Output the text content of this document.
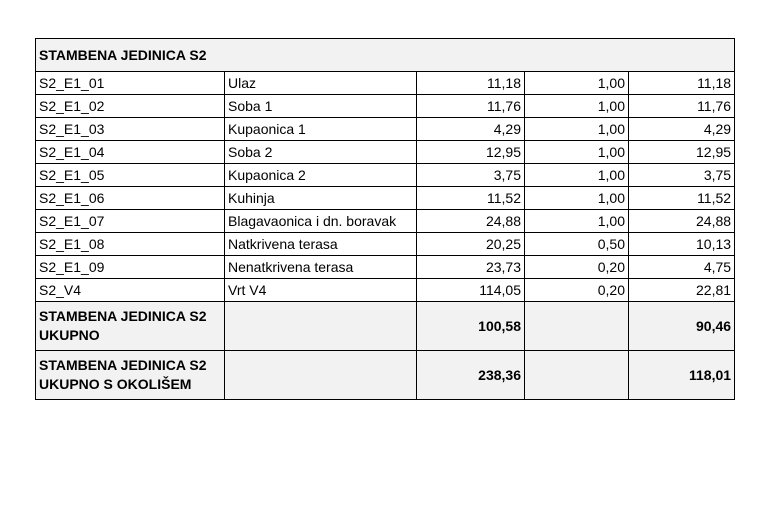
STAMBENA JEDINICA S2				
S2_E1_01	Ulaz	11,18	1,00	11,18
S2_E1_02	Soba 1	11,76	1,00	11,76
S2_E1_03	Kupaonica 1	4,29	1,00	4,29
S2_E1_04	Soba 2	12,95	1,00	12,95
S2_E1_05	Kupaonica 2	3,75	1,00	3,75
S2_E1_06	Kuhinja	11,52	1,00	11,52
S2_E1_07	Blagavaonica i dn. boravak	24,88	1,00	24,88
S2_E1_08	Natkrivena terasa	20,25	0,50	10,13
S2_E1_09	Nenatkrivena terasa	23,73	0,20	4,75
S2_V4	Vrt V4	114,05	0,20	22,81

STAMBENA JEDINICA S2
UKUPNO		100,58		90,46

STAMBENA JEDINICA S2
UKUPNO S OKOLIŠEM		238,36		118,01
